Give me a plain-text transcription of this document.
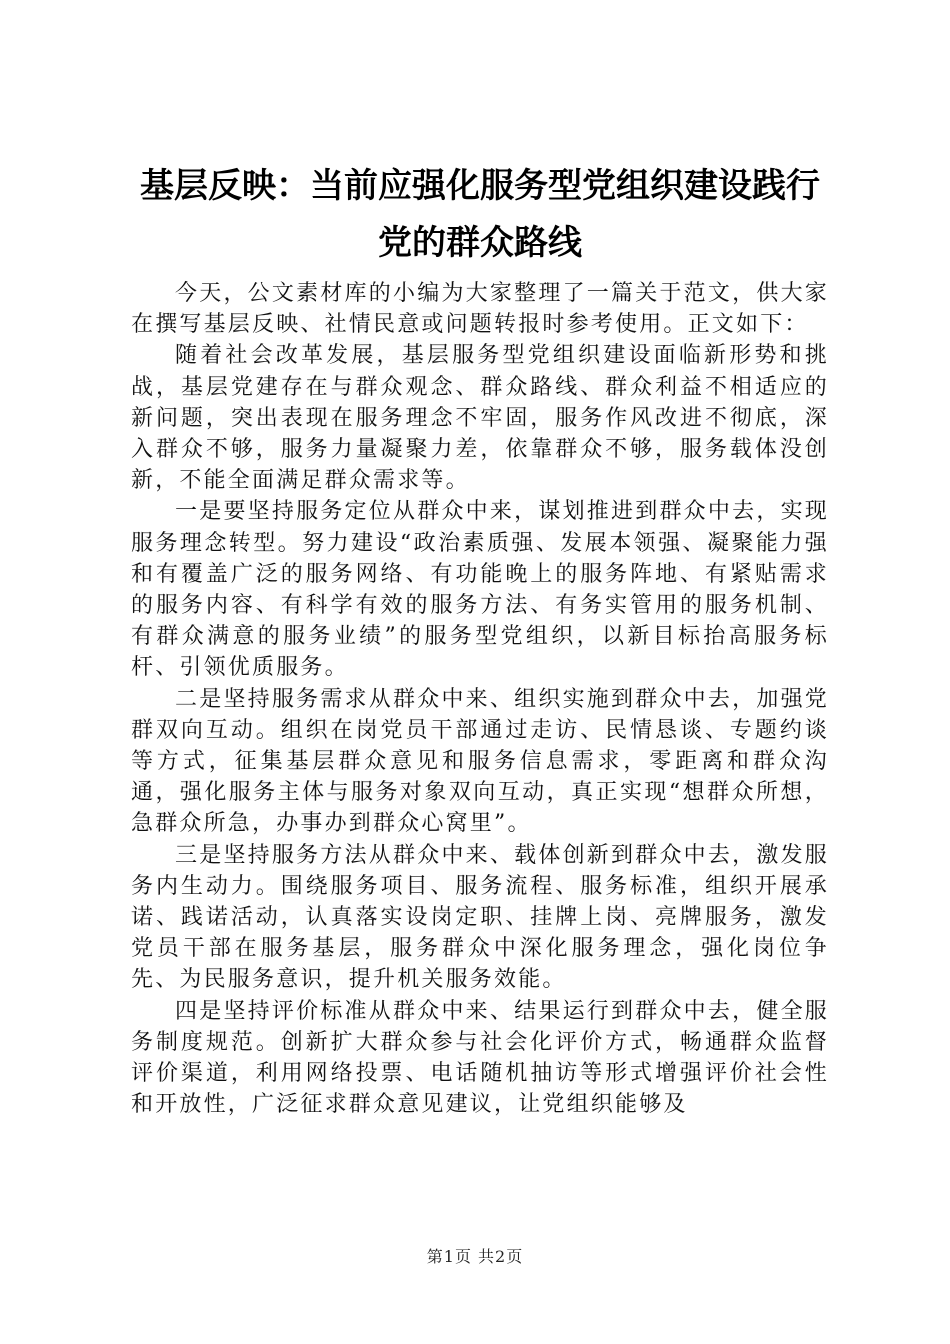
基层反映：当前应强化服务型党组织建设践行
党的群众路线

今天，公文素材库的小编为大家整理了一篇关于范文，供大家在撰写基层反映、社情民意或问题转报时参考使用。正文如下：

随着社会改革发展，基层服务型党组织建设面临新形势和挑战，基层党建存在与群众观念、群众路线、群众利益不相适应的新问题，突出表现在服务理念不牢固，服务作风改进不彻底，深入群众不够，服务力量凝聚力差，依靠群众不够，服务载体没创新，不能全面满足群众需求等。

一是要坚持服务定位从群众中来，谋划推进到群众中去，实现服务理念转型。努力建设“政治素质强、发展本领强、凝聚能力强和有覆盖广泛的服务网络、有功能晚上的服务阵地、有紧贴需求的服务内容、有科学有效的服务方法、有务实管用的服务机制、有群众满意的服务业绩”的服务型党组织，以新目标抬高服务标杆、引领优质服务。

二是坚持服务需求从群众中来、组织实施到群众中去，加强党群双向互动。组织在岗党员干部通过走访、民情恳谈、专题约谈等方式，征集基层群众意见和服务信息需求，零距离和群众沟通，强化服务主体与服务对象双向互动，真正实现“想群众所想，急群众所急，办事办到群众心窝里”。

三是坚持服务方法从群众中来、载体创新到群众中去，激发服务内生动力。围绕服务项目、服务流程、服务标准，组织开展承诺、践诺活动，认真落实设岗定职、挂牌上岗、亮牌服务，激发党员干部在服务基层，服务群众中深化服务理念，强化岗位争先、为民服务意识，提升机关服务效能。

四是坚持评价标准从群众中来、结果运行到群众中去，健全服务制度规范。创新扩大群众参与社会化评价方式，畅通群众监督评价渠道，利用网络投票、电话随机抽访等形式增强评价社会性和开放性，广泛征求群众意见建议，让党组织能够及

第1页 共2页
